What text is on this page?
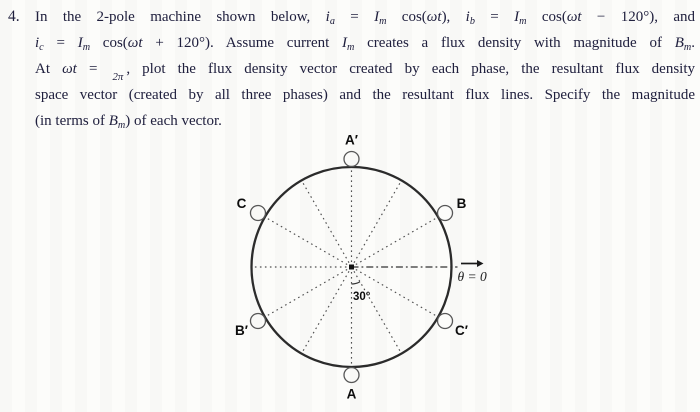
4. In the 2-pole machine shown below, ia = Im cos(ωt), ib = Im cos(ωt − 120°), and
ic = Im cos(ωt + 120°). Assume current Im creates a flux density with magnitude of Bm.
At ωt = 2π , plot the flux density vector created by each phase, the resultant flux density
space vector (created by all three phases) and the resultant flux lines. Specify the magnitude
(in terms of Bm) of each vector.
A′
B
C
B′
A
C′
30°
θ = 0
